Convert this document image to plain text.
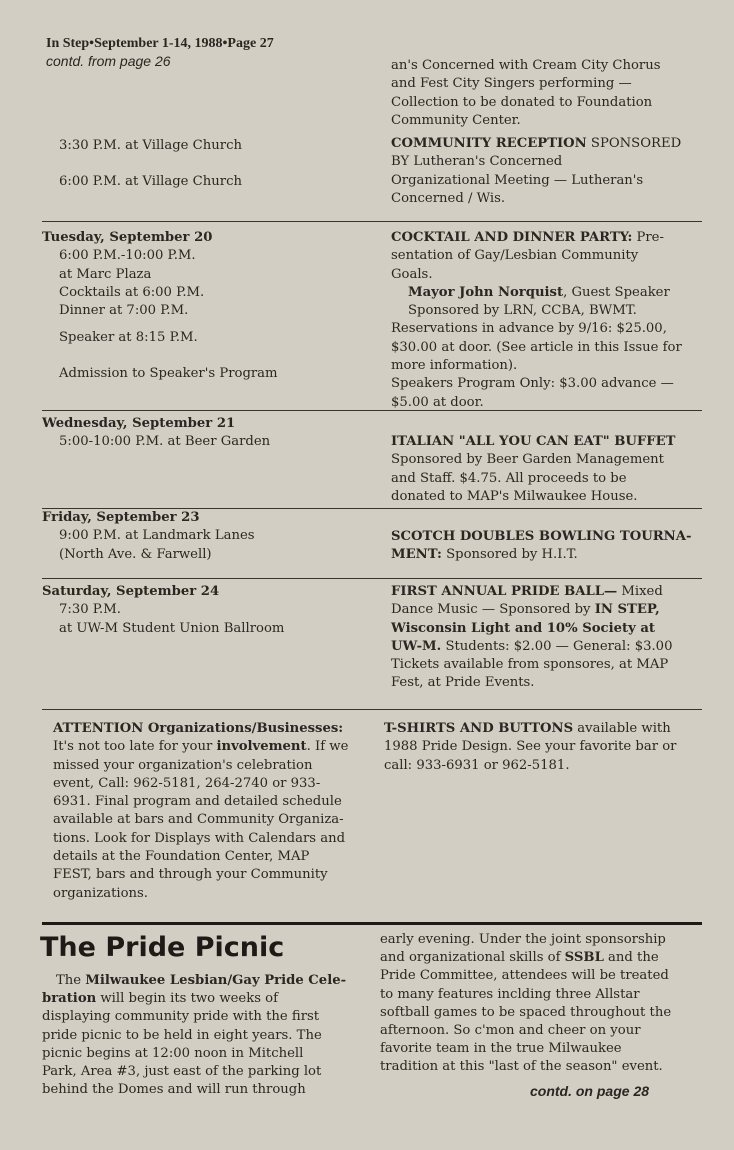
In Step•September 1-14, 1988•Page 27
contd. from page 26	an's Concerned with Cream City Chorus
and Fest City Singers performing —
Collection to be donated to Foundation
Community Center.
3:30 P.M. at Village Church
6:00 P.M. at Village Church
COMMUNITY RECEPTION SPONSORED
BY Lutheran's Concerned
Organizational Meeting — Lutheran's
Concerned / Wis.
Tuesday, September 20
6:00 P.M.-10:00 P.M.
at Marc Plaza
Cocktails at 6:00 P.M.
Dinner at 7:00 P.M.
Speaker at 8:15 P.M.
Admission to Speaker's Program
COCKTAIL AND DINNER PARTY: Pre-
sentation of Gay/Lesbian Community
Goals.
Mayor John Norquist, Guest Speaker
Sponsored by LRN, CCBA, BWMT.
Reservations in advance by 9/16: $25.00,
$30.00 at door. (See article in this Issue for
more information).
Speakers Program Only: $3.00 advance —
$5.00 at door.
Wednesday, September 21
5:00-10:00 P.M. at Beer Garden	ITALIAN "ALL YOU CAN EAT" BUFFET
Sponsored by Beer Garden Management
and Staff. $4.75. All proceeds to be
donated to MAP's Milwaukee House.
Friday, September 23
9:00 P.M. at Landmark Lanes
(North Ave. & Farwell)
SCOTCH DOUBLES BOWLING TOURNA-
MENT: Sponsored by H.I.T.
Saturday, September 24
7:30 P.M.
at UW-M Student Union Ballroom
FIRST ANNUAL PRIDE BALL— Mixed
Dance Music — Sponsored by IN STEP,
Wisconsin Light and 10% Society at
UW-M. Students: $2.00 — General: $3.00
Tickets available from sponsores, at MAP
Fest, at Pride Events.
ATTENTION Organizations/Businesses:
It's not too late for your involvement. If we
missed your organization's celebration
event, Call: 962-5181, 264-2740 or 933-
6931. Final program and detailed schedule
available at bars and Community Organiza-
tions. Look for Displays with Calendars and
details at the Foundation Center, MAP
FEST, bars and through your Community
organizations.
T-SHIRTS AND BUTTONS available with
1988 Pride Design. See your favorite bar or
call: 933-6931 or 962-5181.
The Pride Picnic
The Milwaukee Lesbian/Gay Pride Cele-
bration will begin its two weeks of
displaying community pride with the first
pride picnic to be held in eight years. The
picnic begins at 12:00 noon in Mitchell
Park, Area #3, just east of the parking lot
behind the Domes and will run through
early evening. Under the joint sponsorship
and organizational skills of SSBL and the
Pride Committee, attendees will be treated
to many features inclding three Allstar
softball games to be spaced throughout the
afternoon. So c'mon and cheer on your
favorite team in the true Milwaukee
tradition at this "last of the season" event.
contd. on page 28
